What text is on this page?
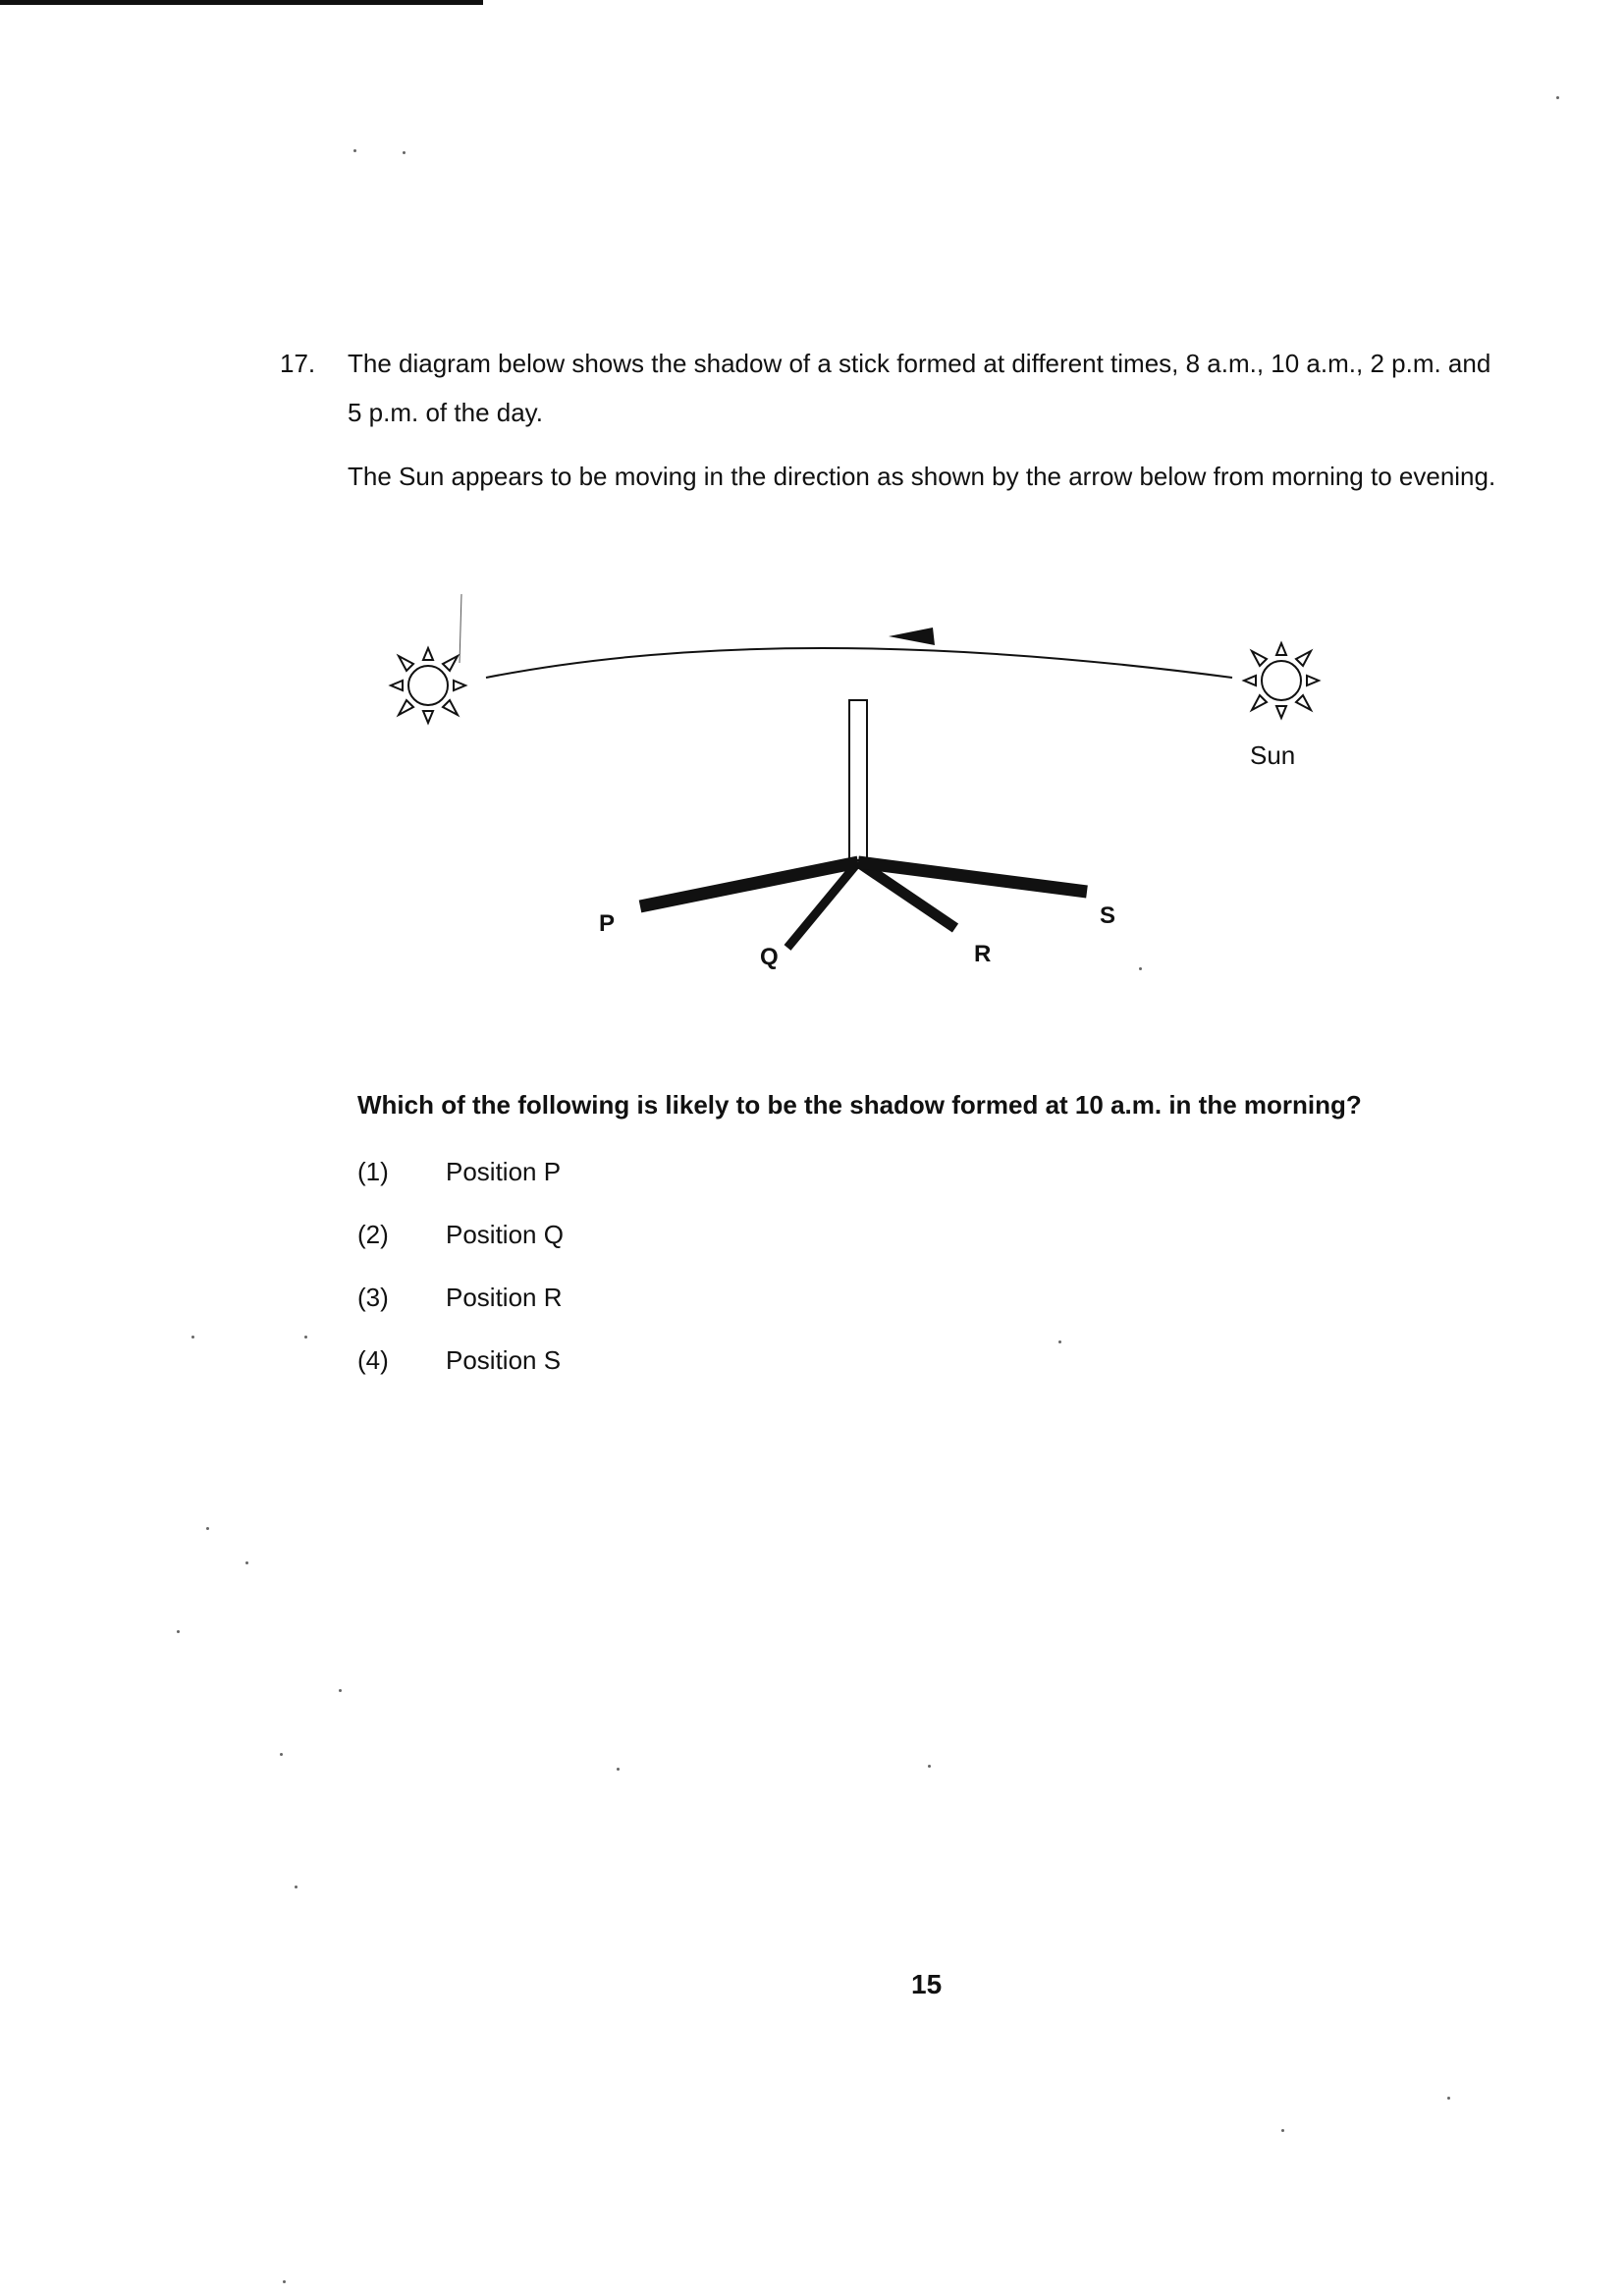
17. The diagram below shows the shadow of a stick formed at different times, 8 a.m., 10 a.m., 2 p.m. and 5 p.m. of the day.

The Sun appears to be moving in the direction as shown by the arrow below from morning to evening.

Sun
P
Q	R
S

Which of the following is likely to be the shadow formed at 10 a.m. in the morning?

(1)	Position P
(2)	Position Q
(3)	Position R
(4)	Position S
15
